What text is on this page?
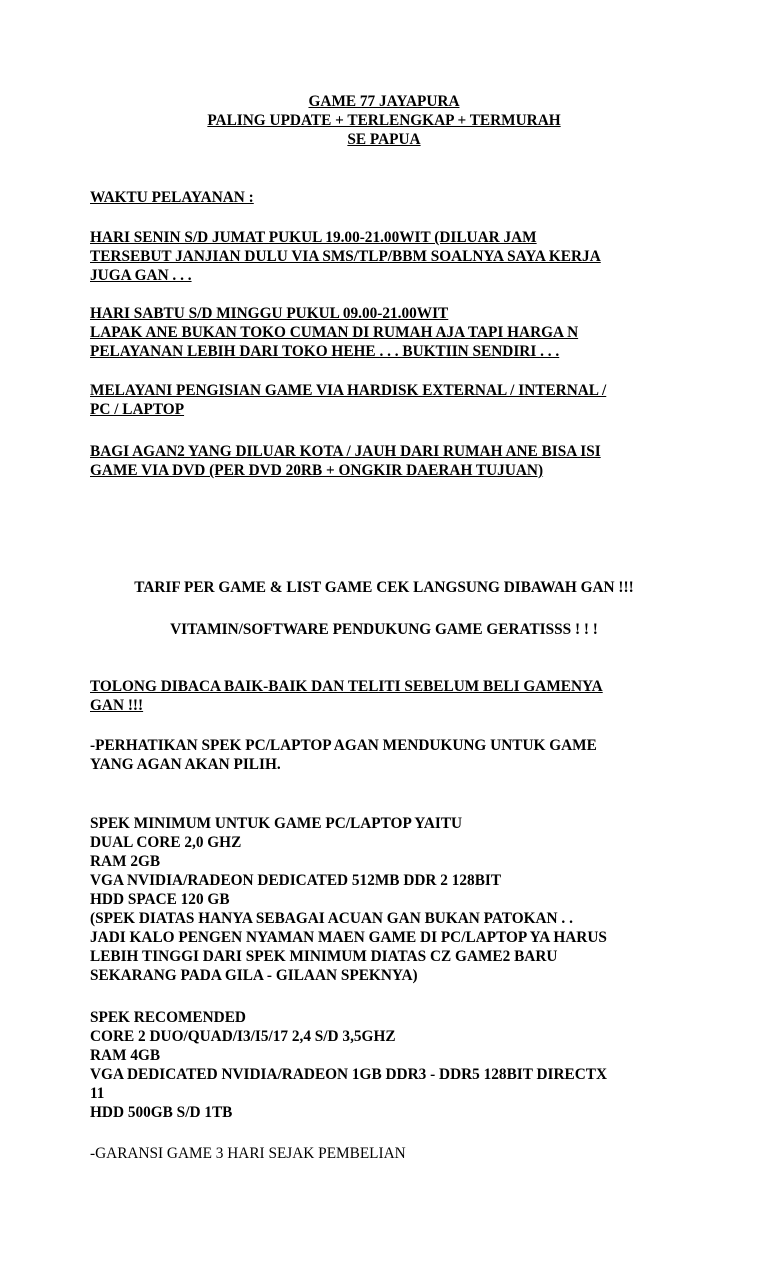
GAME 77 JAYAPURA
PALING UPDATE + TERLENGKAP + TERMURAH
SE PAPUA
WAKTU PELAYANAN :
HARI SENIN S/D JUMAT PUKUL 19.00-21.00WIT (DILUAR JAM
TERSEBUT JANJIAN DULU VIA SMS/TLP/BBM SOALNYA SAYA KERJA
JUGA GAN . . .
HARI SABTU S/D MINGGU PUKUL 09.00-21.00WIT
LAPAK ANE BUKAN TOKO CUMAN DI RUMAH AJA TAPI HARGA N
PELAYANAN LEBIH DARI TOKO HEHE . . . BUKTIIN SENDIRI . . .
MELAYANI PENGISIAN GAME VIA HARDISK EXTERNAL / INTERNAL /
PC / LAPTOP
BAGI AGAN2 YANG DILUAR KOTA / JAUH DARI RUMAH ANE BISA ISI
GAME VIA DVD (PER DVD 20RB + ONGKIR DAERAH TUJUAN)
TARIF PER GAME & LIST GAME CEK LANGSUNG DIBAWAH GAN !!!
VITAMIN/SOFTWARE PENDUKUNG GAME GERATISSS ! ! !
TOLONG DIBACA BAIK-BAIK DAN TELITI SEBELUM BELI GAMENYA
GAN !!!
-PERHATIKAN SPEK PC/LAPTOP AGAN MENDUKUNG UNTUK GAME
YANG AGAN AKAN PILIH.
SPEK MINIMUM UNTUK GAME PC/LAPTOP YAITU
DUAL CORE 2,0 GHZ
RAM 2GB
VGA NVIDIA/RADEON DEDICATED 512MB DDR 2 128BIT
HDD SPACE 120 GB
(SPEK DIATAS HANYA SEBAGAI ACUAN GAN BUKAN PATOKAN . .
JADI KALO PENGEN NYAMAN MAEN GAME DI PC/LAPTOP YA HARUS
LEBIH TINGGI DARI SPEK MINIMUM DIATAS CZ GAME2 BARU
SEKARANG PADA GILA - GILAAN SPEKNYA)
SPEK RECOMENDED
CORE 2 DUO/QUAD/I3/I5/17 2,4 S/D 3,5GHZ
RAM 4GB
VGA DEDICATED NVIDIA/RADEON 1GB DDR3 - DDR5 128BIT DIRECTX
11
HDD 500GB S/D 1TB
-GARANSI GAME 3 HARI SEJAK PEMBELIAN
